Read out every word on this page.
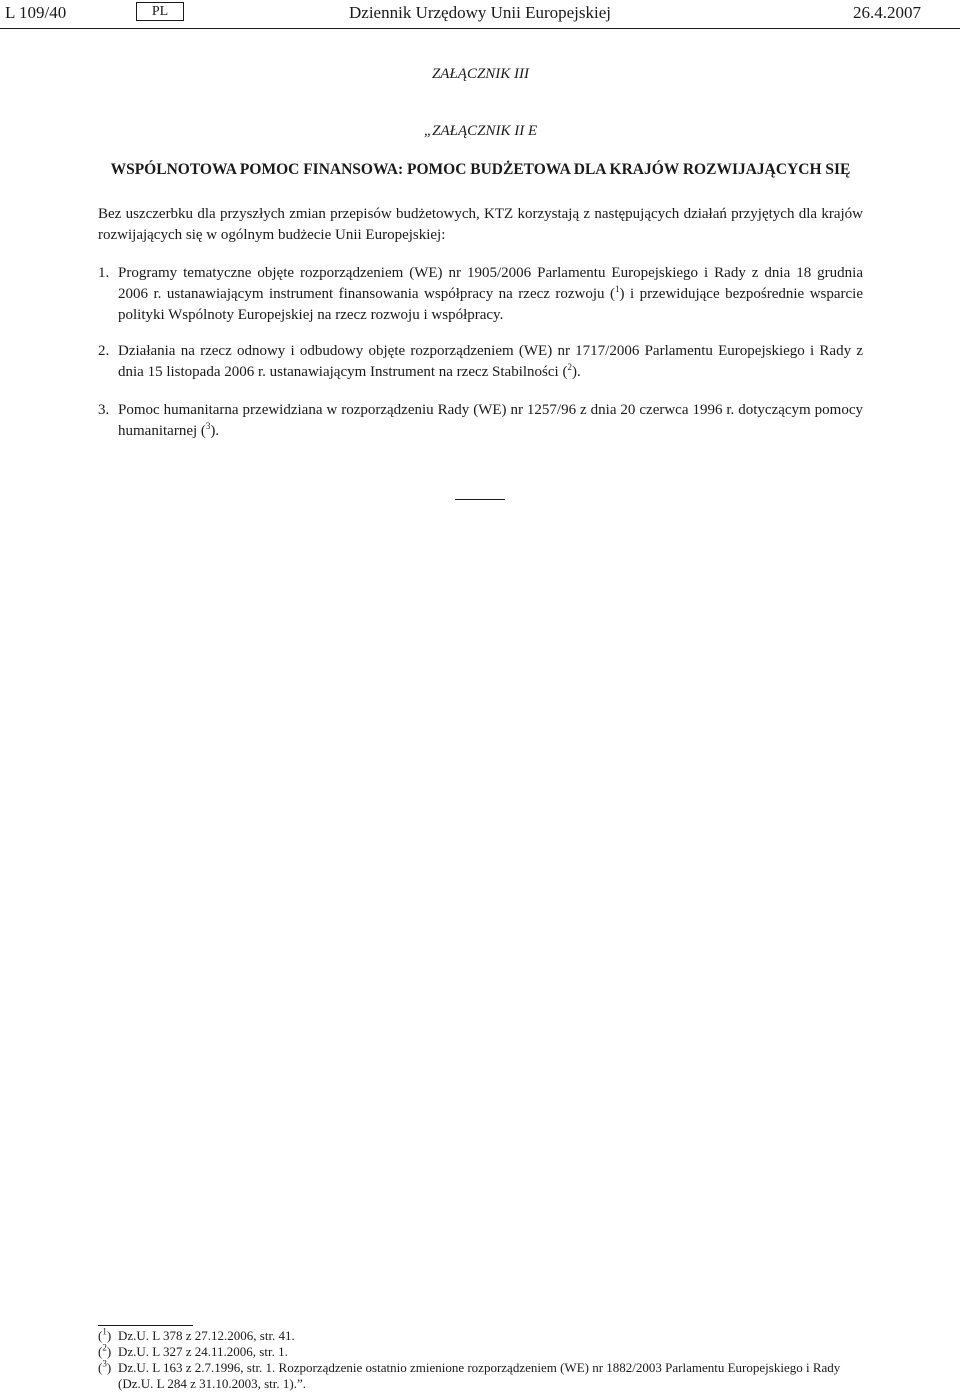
L 109/40	PL	Dziennik Urzędowy Unii Europejskiej	26.4.2007
ZAŁĄCZNIK III
„ZAŁĄCZNIK II E
WSPÓLNOTOWA POMOC FINANSOWA: POMOC BUDŻETOWA DLA KRAJÓW ROZWIJAJĄCYCH SIĘ
Bez uszczerbku dla przyszłych zmian przepisów budżetowych, KTZ korzystają z następujących działań przyjętych dla krajów rozwijających się w ogólnym budżecie Unii Europejskiej:
1. Programy tematyczne objęte rozporządzeniem (WE) nr 1905/2006 Parlamentu Europejskiego i Rady z dnia 18 grudnia 2006 r. ustanawiającym instrument finansowania współpracy na rzecz rozwoju ($^1$) i przewidujące bezpośrednie wsparcie polityki Wspólnoty Europejskiej na rzecz rozwoju i współpracy.
2. Działania na rzecz odnowy i odbudowy objęte rozporządzeniem (WE) nr 1717/2006 Parlamentu Europejskiego i Rady z dnia 15 listopada 2006 r. ustanawiającym Instrument na rzecz Stabilności ($^2$).
3. Pomoc humanitarna przewidziana w rozporządzeniu Rady (WE) nr 1257/96 z dnia 20 czerwca 1996 r. dotyczącym pomocy humanitarnej ($^3$).
($^1$) Dz.U. L 378 z 27.12.2006, str. 41.
($^2$) Dz.U. L 327 z 24.11.2006, str. 1.
($^3$) Dz.U. L 163 z 2.7.1996, str. 1. Rozporządzenie ostatnio zmienione rozporządzeniem (WE) nr 1882/2003 Parlamentu Europejskiego i Rady (Dz.U. L 284 z 31.10.2003, str. 1).”.
